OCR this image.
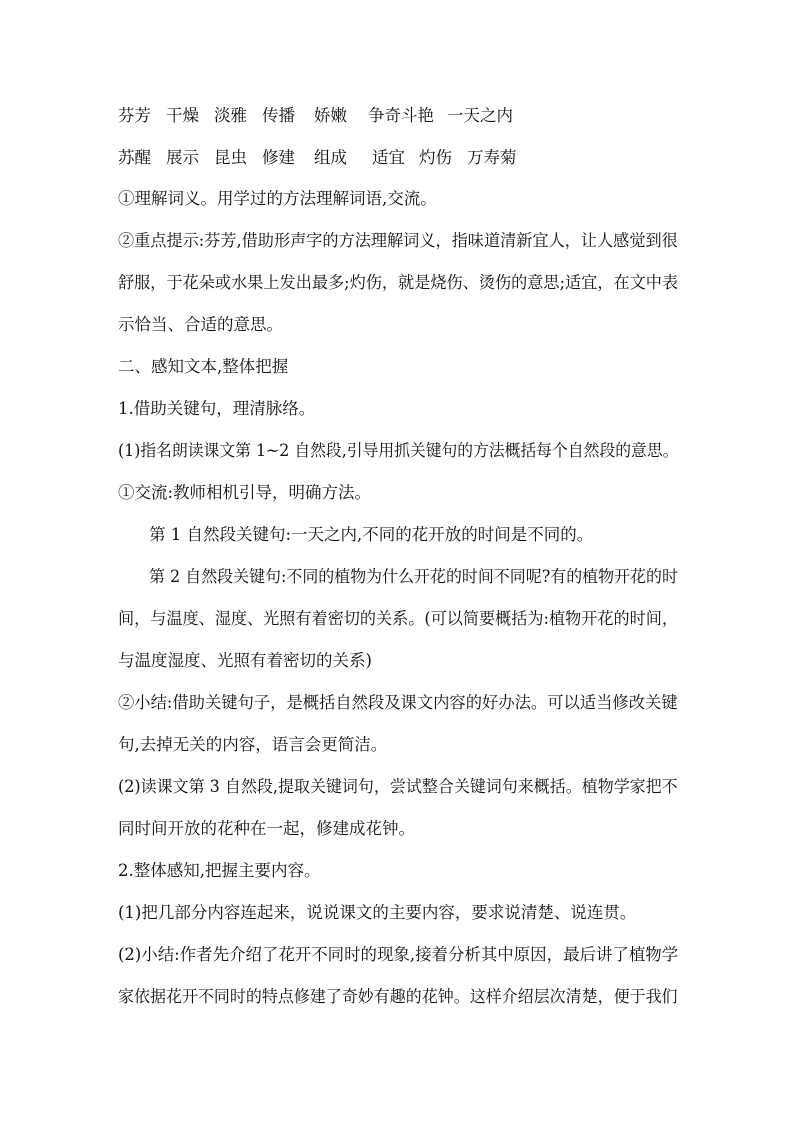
芬芳 干燥 淡雅 传播 娇嫩 争奇斗艳 一天之内
苏醒 展示 昆虫 修建 组成 适宜 灼伤 万寿菊
①理解词义。用学过的方法理解词语,交流。
②重点提示:芬芳,借助形声字的方法理解词义，指味道清新宜人，让人感觉到很
舒服，于花朵或水果上发出最多;灼伤，就是烧伤、烫伤的意思;适宜，在文中表
示恰当、合适的意思。
二、感知文本,整体把握
1.借助关键句，理清脉络。
(1)指名朗读课文第 1~2 自然段,引导用抓关键句的方法概括每个自然段的意思。
①交流:教师相机引导，明确方法。
第 1 自然段关键句:一天之内,不同的花开放的时间是不同的。
第 2 自然段关键句:不同的植物为什么开花的时间不同呢?有的植物开花的时
间，与温度、湿度、光照有着密切的关系。(可以简要概括为:植物开花的时间，
与温度湿度、光照有着密切的关系)
②小结:借助关键句子，是概括自然段及课文内容的好办法。可以适当修改关键
句,去掉无关的内容，语言会更简洁。
(2)读课文第 3 自然段,提取关键词句，尝试整合关键词句来概括。植物学家把不
同时间开放的花种在一起，修建成花钟。
2.整体感知,把握主要内容。
(1)把几部分内容连起来，说说课文的主要内容，要求说清楚、说连贯。
(2)小结:作者先介绍了花开不同时的现象,接着分析其中原因，最后讲了植物学
家依据花开不同时的特点修建了奇妙有趣的花钟。这样介绍层次清楚，便于我们
